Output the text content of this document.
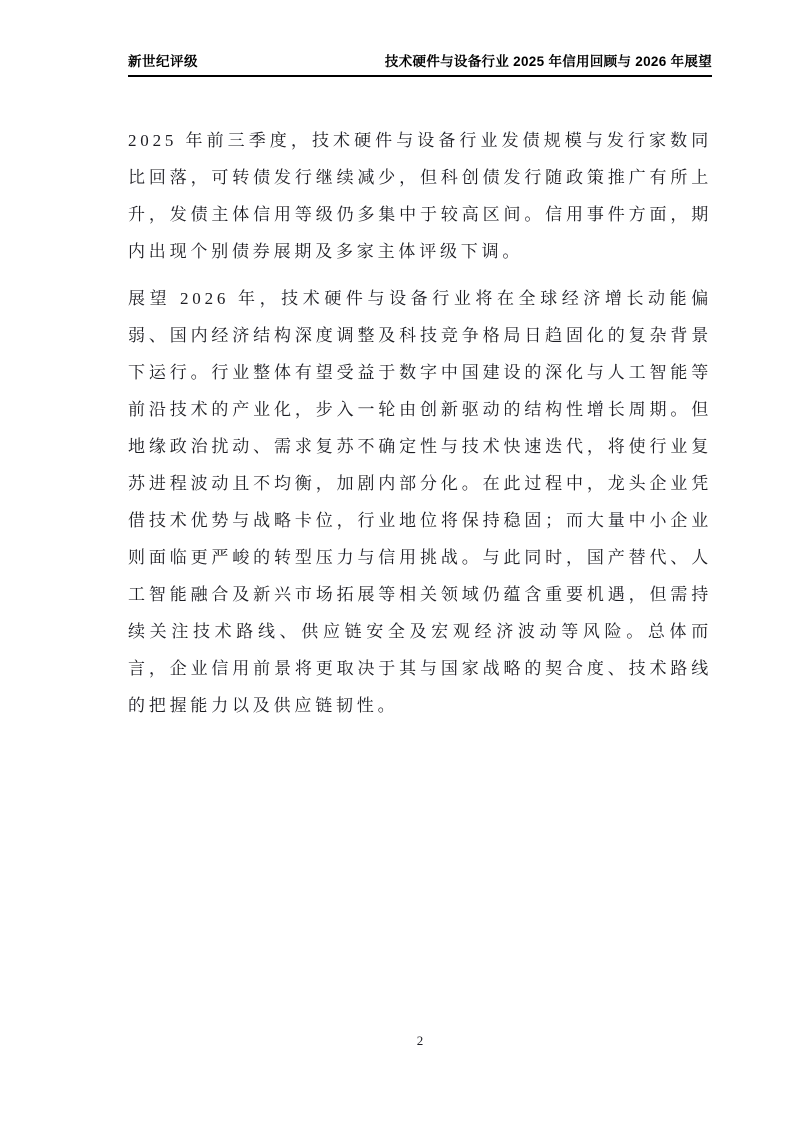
新世纪评级	技术硬件与设备行业 2025 年信用回顾与 2026 年展望

2025 年前三季度，技术硬件与设备行业发债规模与发行家数同比回落，可转债发行继续减少，但科创债发行随政策推广有所上升，发债主体信用等级仍多集中于较高区间。信用事件方面，期内出现个别债券展期及多家主体评级下调。

展望 2026 年，技术硬件与设备行业将在全球经济增长动能偏弱、国内经济结构深度调整及科技竞争格局日趋固化的复杂背景下运行。行业整体有望受益于数字中国建设的深化与人工智能等前沿技术的产业化，步入一轮由创新驱动的结构性增长周期。但地缘政治扰动、需求复苏不确定性与技术快速迭代，将使行业复苏进程波动且不均衡，加剧内部分化。在此过程中，龙头企业凭借技术优势与战略卡位，行业地位将保持稳固；而大量中小企业则面临更严峻的转型压力与信用挑战。与此同时，国产替代、人工智能融合及新兴市场拓展等相关领域仍蕴含重要机遇，但需持续关注技术路线、供应链安全及宏观经济波动等风险。总体而言，企业信用前景将更取决于其与国家战略的契合度、技术路线的把握能力以及供应链韧性。

2
